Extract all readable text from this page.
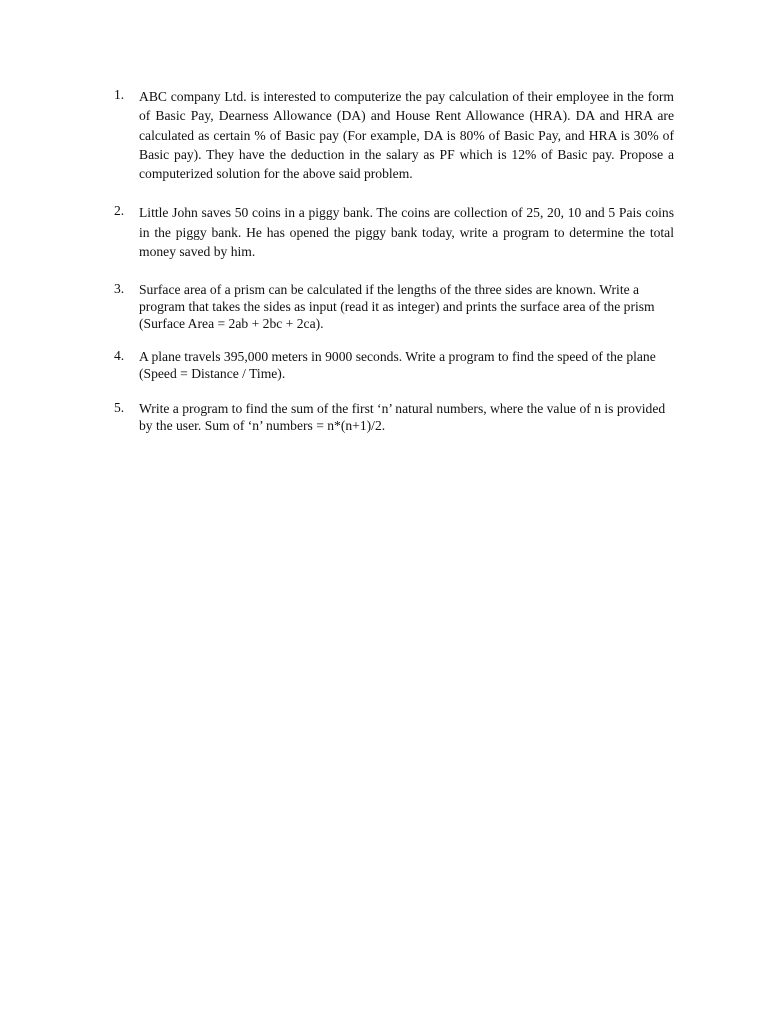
1.	ABC company Ltd. is interested to computerize the pay calculation of their employee in the form of Basic Pay, Dearness Allowance (DA) and House Rent Allowance (HRA). DA and HRA are calculated as certain % of Basic pay (For example, DA is 80% of Basic Pay, and HRA is 30% of Basic pay). They have the deduction in the salary as PF which is 12% of Basic pay. Propose a computerized solution for the above said problem.

2.	Little John saves 50 coins in a piggy bank. The coins are collection of 25, 20, 10 and 5 Pais coins in the piggy bank. He has opened the piggy bank today, write a program to determine the total money saved by him.

3.	Surface area of a prism can be calculated if the lengths of the three sides are known. Write a program that takes the sides as input (read it as integer) and prints the surface area of the prism (Surface Area = 2ab + 2bc + 2ca).

4.	A plane travels 395,000 meters in 9000 seconds. Write a program to find the speed of the plane (Speed = Distance / Time).

5.	Write a program to find the sum of the first ‘n’ natural numbers, where the value of n is provided by the user. Sum of ‘n’ numbers = n*(n+1)/2.
